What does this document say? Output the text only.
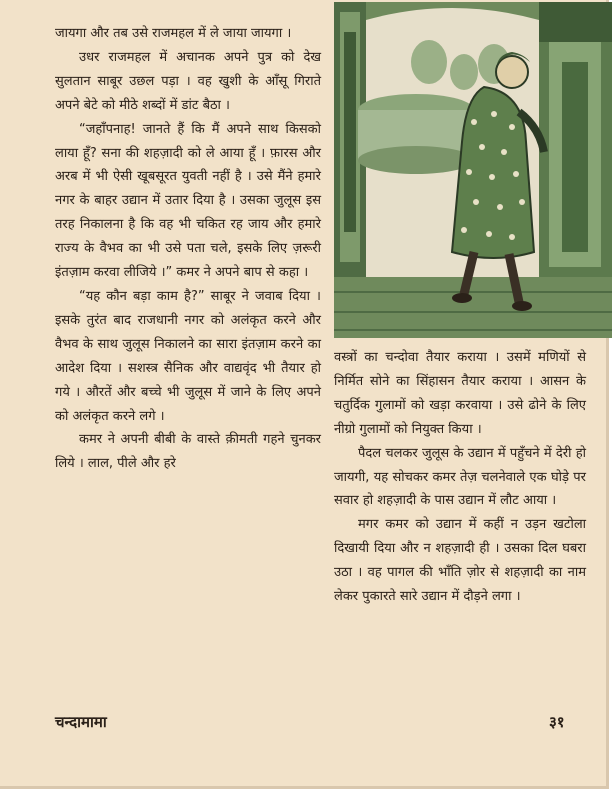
जायगा और तब उसे राजमहल में ले जाया जायगा ।

उधर राजमहल में अचानक अपने पुत्र को देख सुलतान साबूर उछल पड़ा । वह खुशी के आँसू गिराते अपने बेटे को मीठे शब्दों में डांट बैठा ।

“जहाँपनाह! जानते हैं कि मैं अपने साथ किसको लाया हूँ? सना की शहज़ादी को ले आया हूँ । फ़ारस और अरब में भी ऐसी खूबसूरत युवती नहीं है । उसे मैंने हमारे नगर के बाहर उद्यान में उतार दिया है । उसका जुलूस इस तरह निकालना है कि वह भी चकित रह जाय और हमारे राज्य के वैभव का भी उसे पता चले, इसके लिए ज़रूरी इंतज़ाम करवा लीजिये ।” कमर ने अपने बाप से कहा ।

“यह कौन बड़ा काम है?” साबूर ने जवाब दिया । इसके तुरंत बाद राजधानी नगर को अलंकृत करने और वैभव के साथ जुलूस निकालने का सारा इंतज़ाम करने का आदेश दिया । सशस्त्र सैनिक और वाद्यवृंद भी तैयार हो गये । औरतें और बच्चे भी जुलूस में जाने के लिए अपने को अलंकृत करने लगे ।

कमर ने अपनी बीबी के वास्ते क़ीमती गहने चुनकर लिये । लाल, पीले और हरे

वस्त्रों का चन्दोवा तैयार कराया । उसमें मणियों से निर्मित सोने का सिंहासन तैयार कराया । आसन के चतुर्दिक गुलामों को खड़ा करवाया । उसे ढोने के लिए नीग्रो गुलामों को नियुक्त किया ।

पैदल चलकर जुलूस के उद्यान में पहुँचने में देरी हो जायगी, यह सोचकर कमर तेज़ चलनेवाले एक घोड़े पर सवार हो शहज़ादी के पास उद्यान में लौट आया ।

मगर कमर को उद्यान में कहीं न उड़न खटोला दिखायी दिया और न शहज़ादी ही । उसका दिल घबरा उठा । वह पागल की भाँति ज़ोर से शहज़ादी का नाम लेकर पुकारते सारे उद्यान में दौड़ने लगा ।

चन्दामामा	३१
